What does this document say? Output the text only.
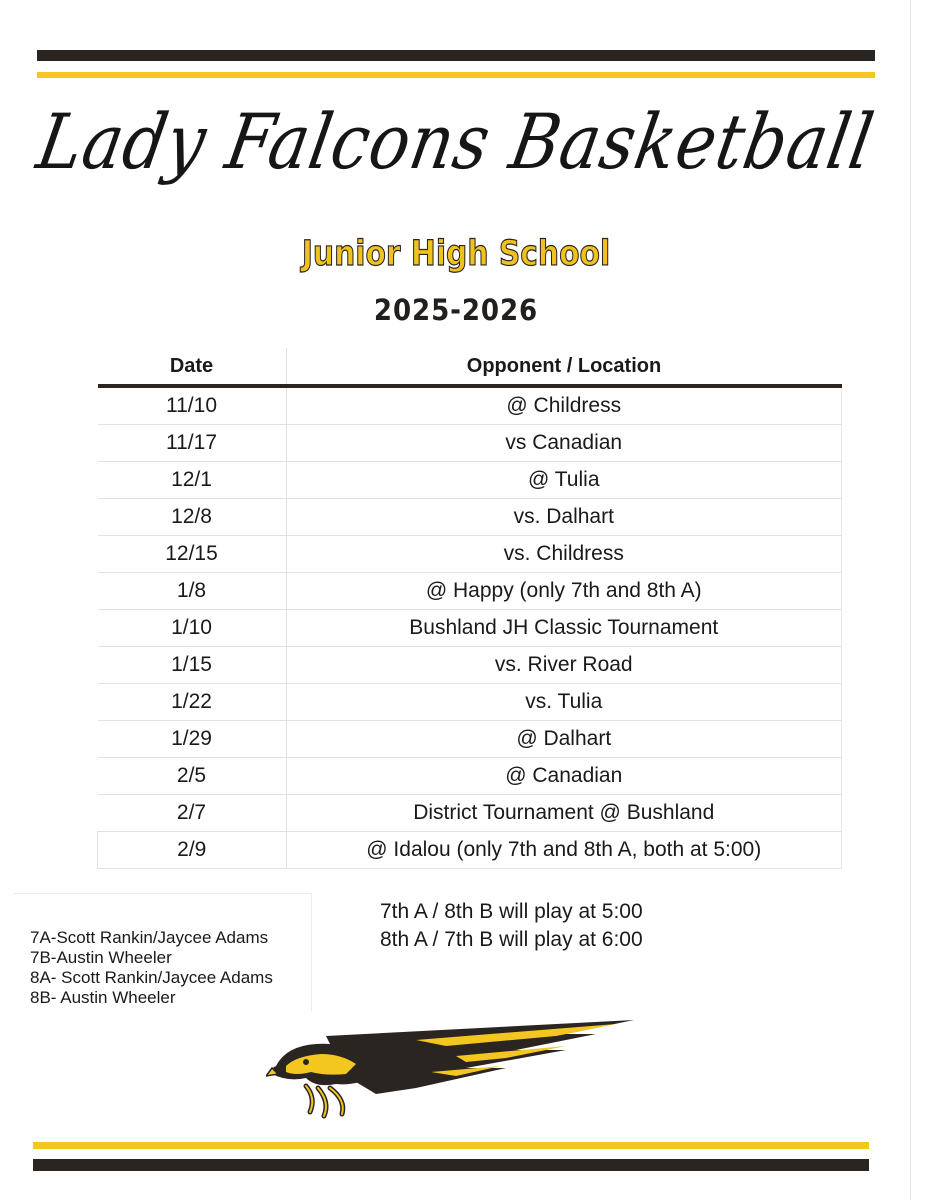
Lady Falcons Basketball
Junior High School
2025-2026
Date	Opponent / Location
11/10	@ Childress
11/17	vs Canadian
12/1	@ Tulia
12/8	vs. Dalhart
12/15	vs. Childress
1/8	@ Happy (only 7th and 8th A)
1/10	Bushland JH Classic Tournament
1/15	vs. River Road
1/22	vs. Tulia
1/29	@ Dalhart
2/5	@ Canadian
2/7	District Tournament @ Bushland
2/9	@ Idalou (only 7th and 8th A, both at 5:00)
7th A / 8th B will play at 5:00
8th A / 7th B will play at 6:00
7A-Scott Rankin/Jaycee Adams
7B-Austin Wheeler
8A- Scott Rankin/Jaycee Adams
8B- Austin Wheeler
